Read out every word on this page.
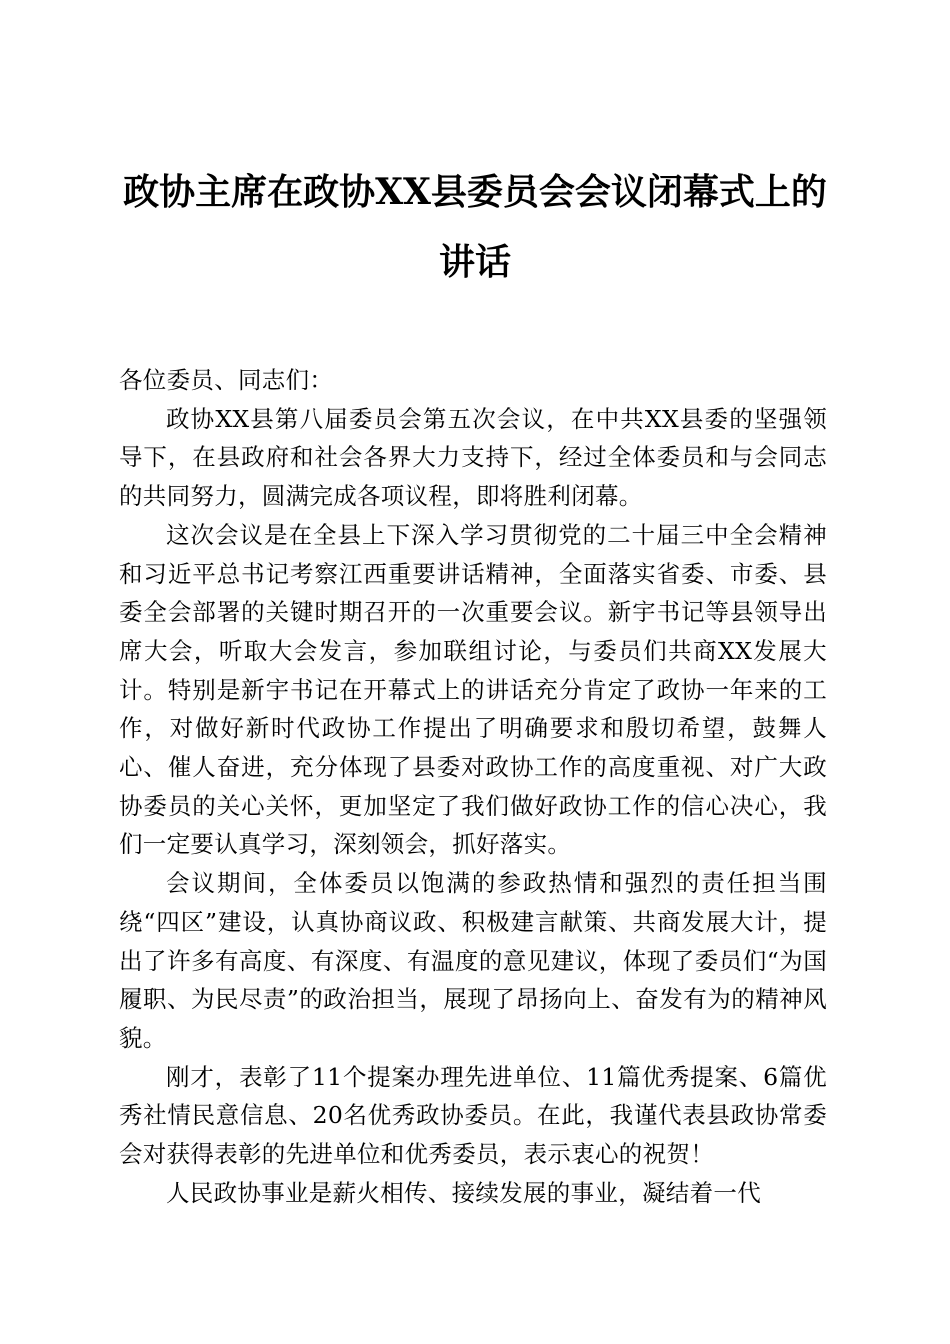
政协主席在政协XX县委员会会议闭幕式上的
讲话

各位委员、同志们：

政协XX县第八届委员会第五次会议，在中共XX县委的坚强领导下，在县政府和社会各界大力支持下，经过全体委员和与会同志的共同努力，圆满完成各项议程，即将胜利闭幕。

这次会议是在全县上下深入学习贯彻党的二十届三中全会精神和习近平总书记考察江西重要讲话精神，全面落实省委、市委、县委全会部署的关键时期召开的一次重要会议。新宇书记等县领导出席大会，听取大会发言，参加联组讨论，与委员们共商XX发展大计。特别是新宇书记在开幕式上的讲话充分肯定了政协一年来的工作，对做好新时代政协工作提出了明确要求和殷切希望，鼓舞人心、催人奋进，充分体现了县委对政协工作的高度重视、对广大政协委员的关心关怀，更加坚定了我们做好政协工作的信心决心，我们一定要认真学习，深刻领会，抓好落实。

会议期间，全体委员以饱满的参政热情和强烈的责任担当围绕“四区”建设，认真协商议政、积极建言献策、共商发展大计，提出了许多有高度、有深度、有温度的意见建议，体现了委员们“为国履职、为民尽责”的政治担当，展现了昂扬向上、奋发有为的精神风貌。

刚才，表彰了11个提案办理先进单位、11篇优秀提案、6篇优秀社情民意信息、20名优秀政协委员。在此，我谨代表县政协常委会对获得表彰的先进单位和优秀委员，表示衷心的祝贺！

人民政协事业是薪火相传、接续发展的事业，凝结着一代
